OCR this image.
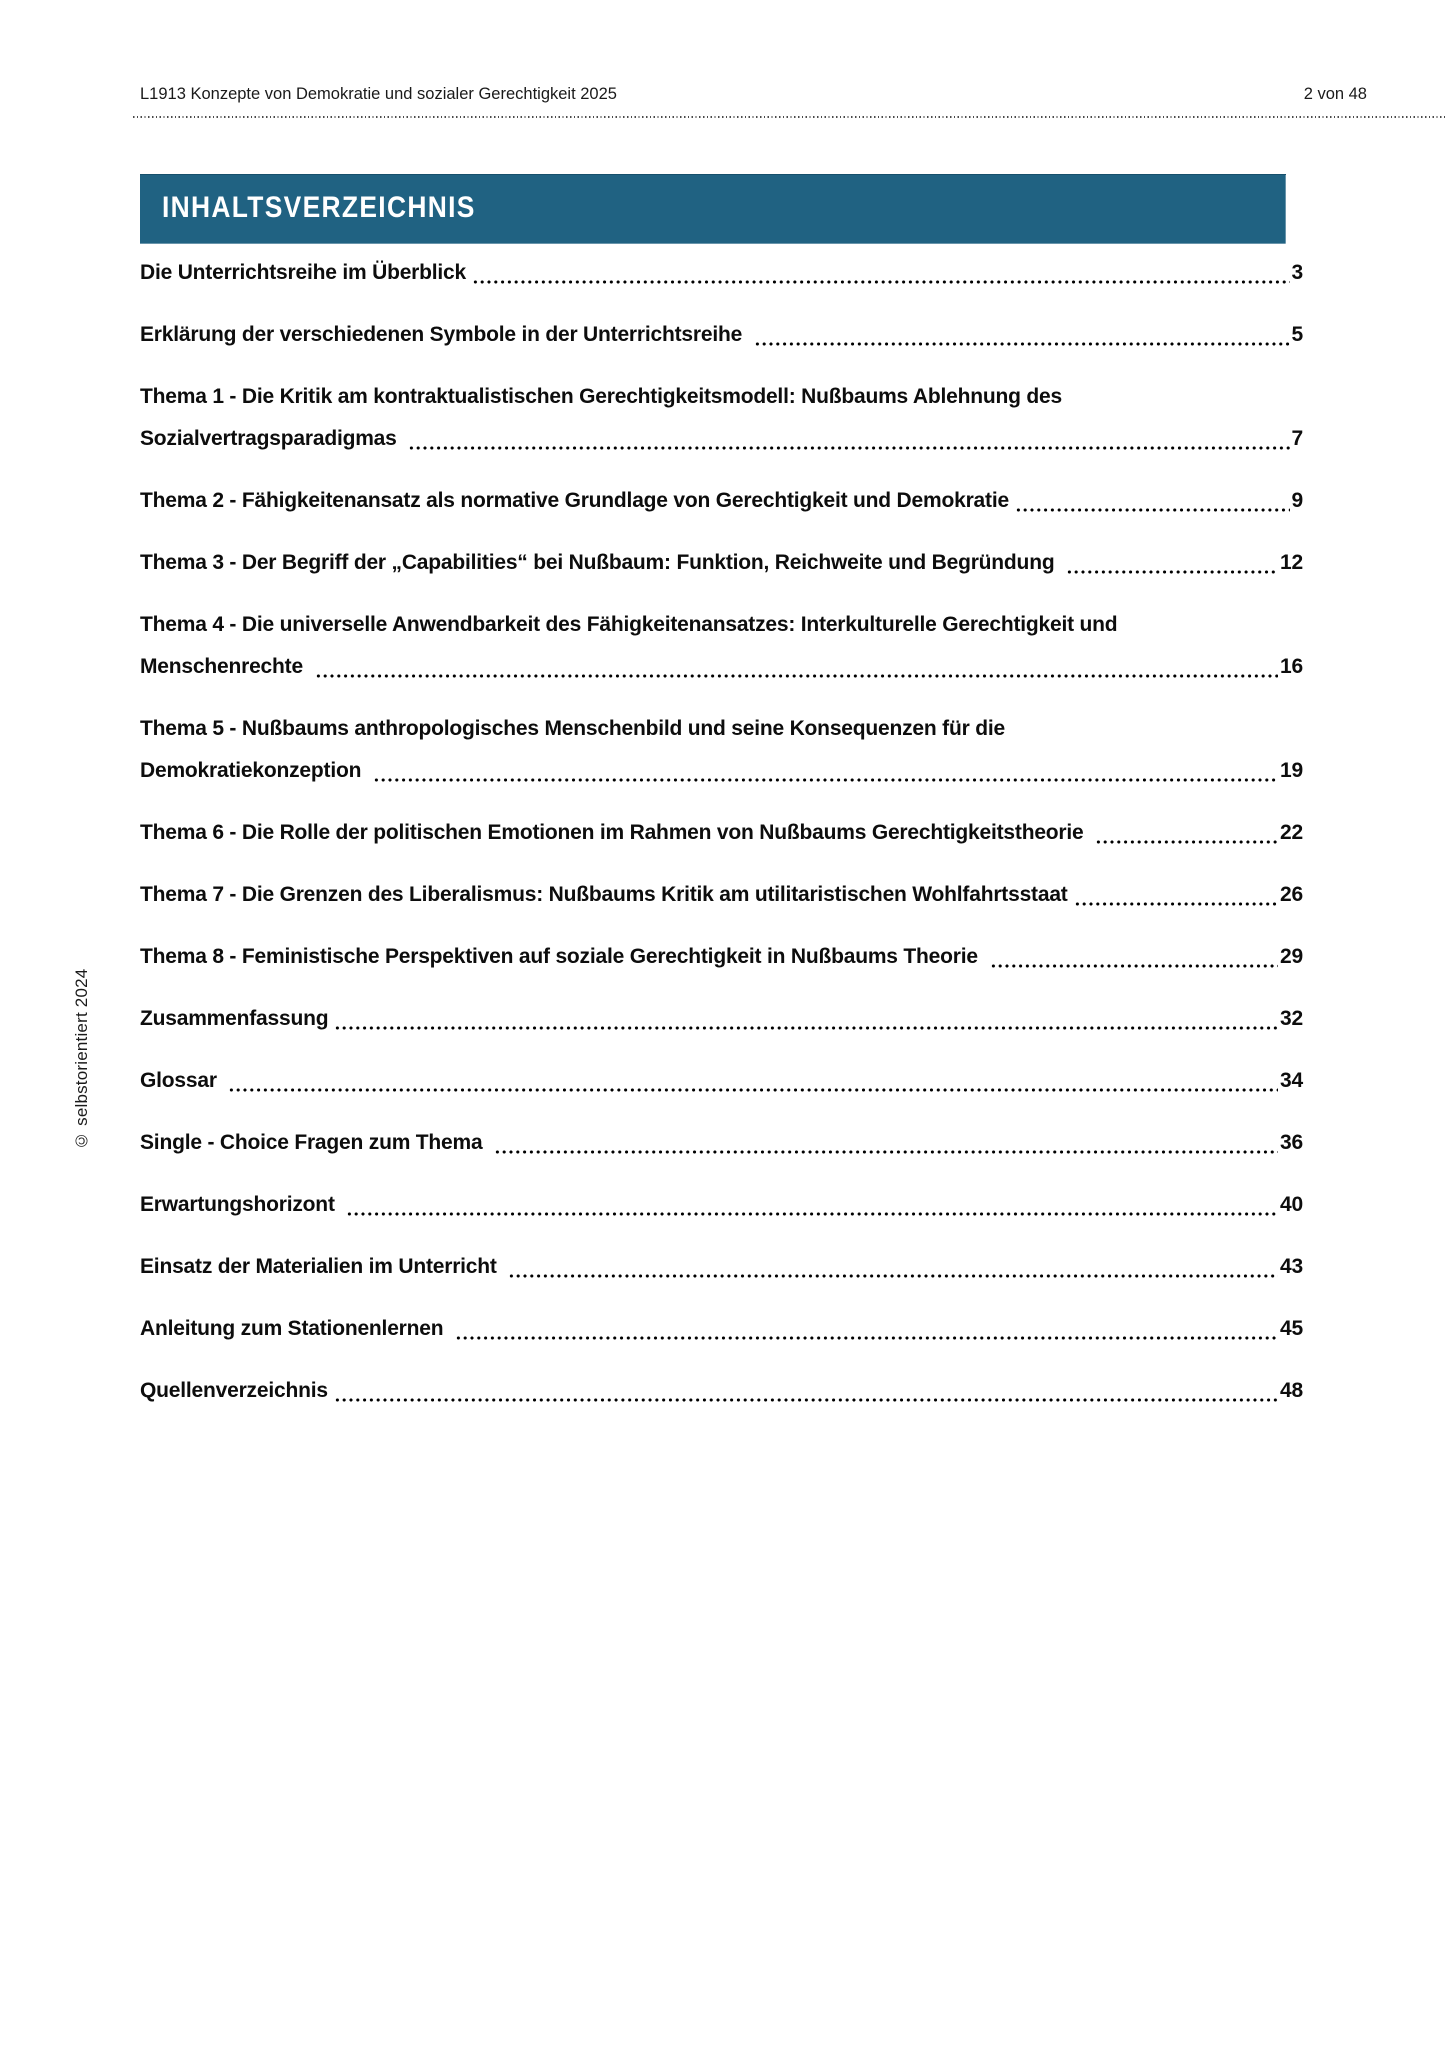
L1913 Konzepte von Demokratie und sozialer Gerechtigkeit 2025	2 von 48
INHALTSVERZEICHNIS
Die Unterrichtsreihe im Überblick	3
Erklärung der verschiedenen Symbole in der Unterrichtsreihe	5
Thema 1 - Die Kritik am kontraktualistischen Gerechtigkeitsmodell: Nußbaums Ablehnung des
Sozialvertragsparadigmas	7
Thema 2 - Fähigkeitenansatz als normative Grundlage von Gerechtigkeit und Demokratie	9
Thema 3 - Der Begriff der „Capabilities“ bei Nußbaum: Funktion, Reichweite und Begründung	12
Thema 4 - Die universelle Anwendbarkeit des Fähigkeitenansatzes: Interkulturelle Gerechtigkeit und
Menschenrechte	16
Thema 5 - Nußbaums anthropologisches Menschenbild und seine Konsequenzen für die
Demokratiekonzeption	19
Thema 6 - Die Rolle der politischen Emotionen im Rahmen von Nußbaums Gerechtigkeitstheorie	22
Thema 7 - Die Grenzen des Liberalismus: Nußbaums Kritik am utilitaristischen Wohlfahrtsstaat	26
Thema 8 - Feministische Perspektiven auf soziale Gerechtigkeit in Nußbaums Theorie	29
Zusammenfassung	32
Glossar	34
Single - Choice Fragen zum Thema	36
Erwartungshorizont	40
Einsatz der Materialien im Unterricht	43
Anleitung zum Stationenlernen	45
Quellenverzeichnis	48
© selbstorientiert 2024
